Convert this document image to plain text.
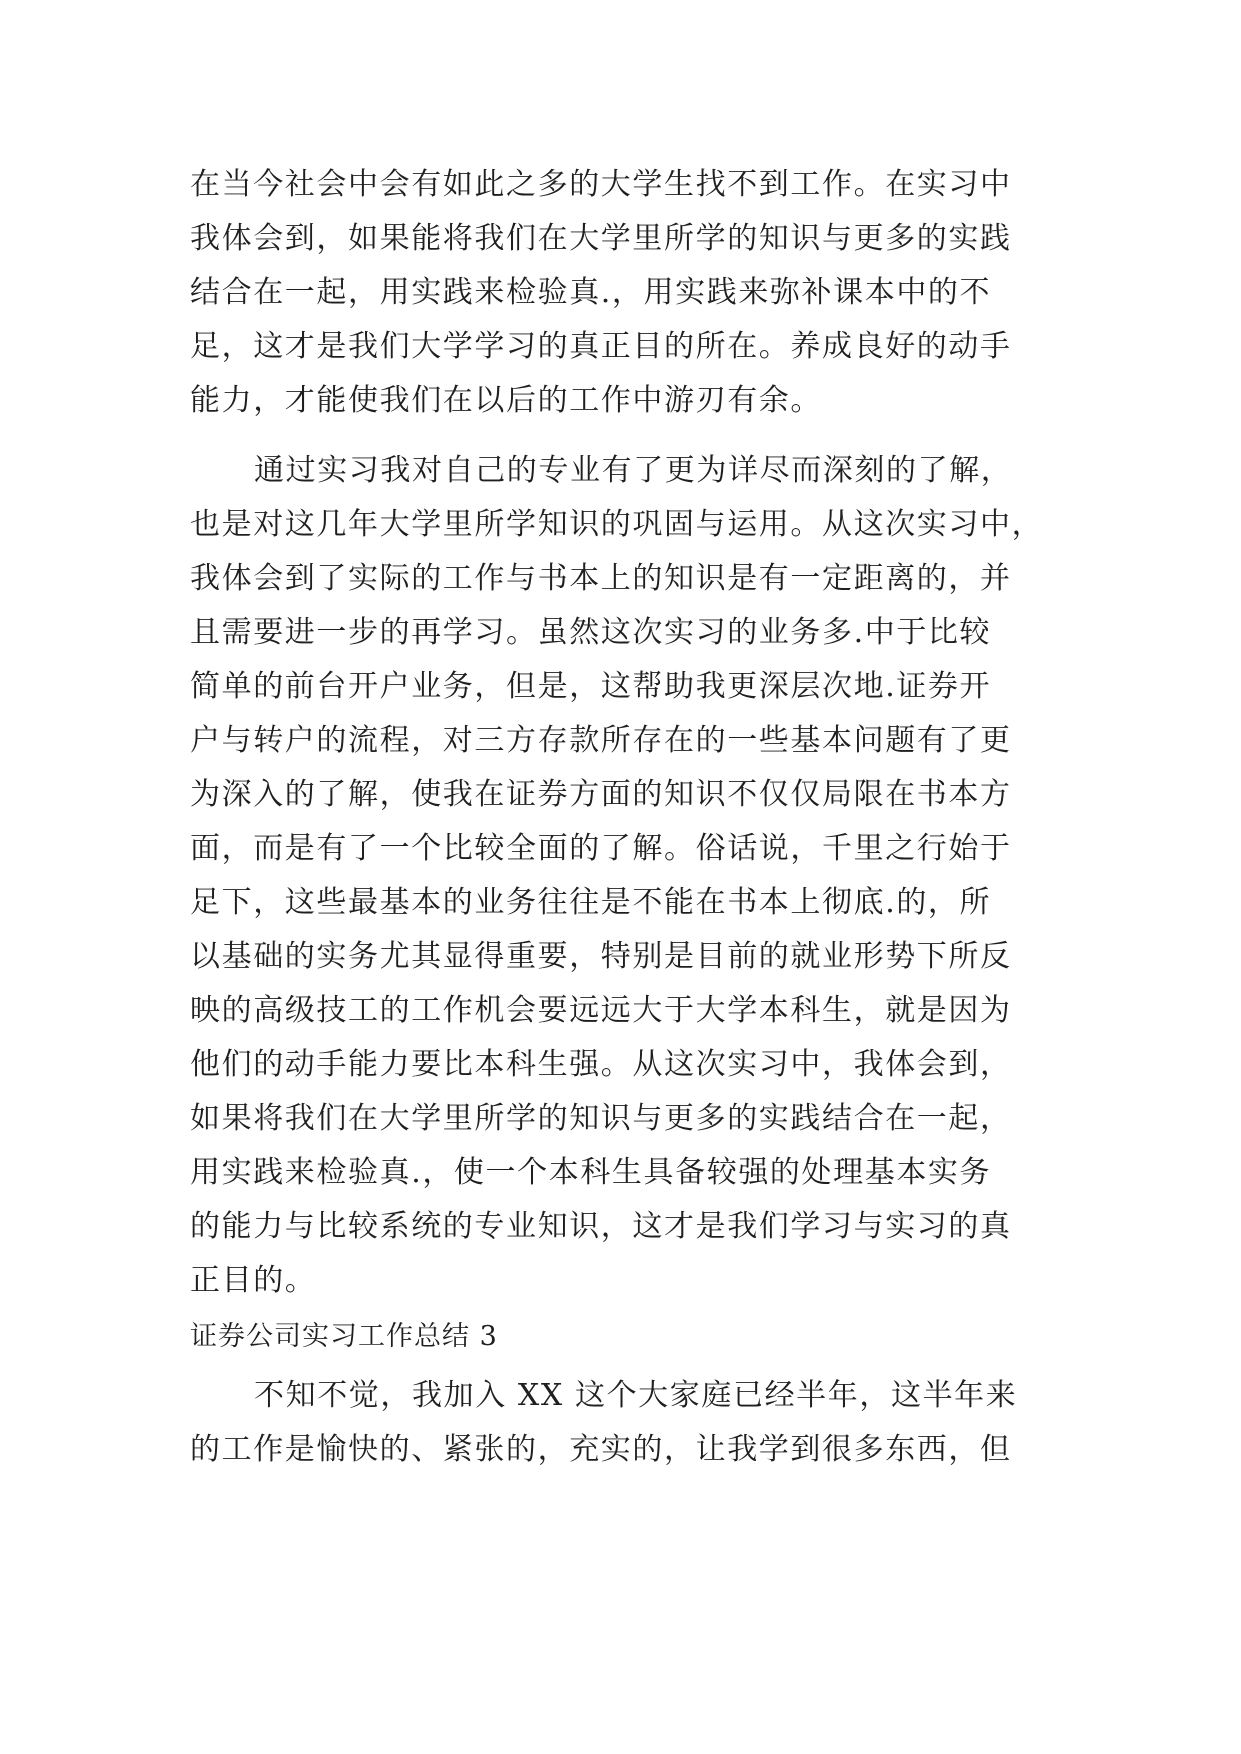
在当今社会中会有如此之多的大学生找不到工作。在实习中
我体会到，如果能将我们在大学里所学的知识与更多的实践
结合在一起，用实践来检验真.，用实践来弥补课本中的不
足，这才是我们大学学习的真正目的所在。养成良好的动手
能力，才能使我们在以后的工作中游刃有余。
通过实习我对自己的专业有了更为详尽而深刻的了解，
也是对这几年大学里所学知识的巩固与运用。从这次实习中，
我体会到了实际的工作与书本上的知识是有一定距离的，并
且需要进一步的再学习。虽然这次实习的业务多.中于比较
简单的前台开户业务，但是，这帮助我更深层次地.证券开
户与转户的流程，对三方存款所存在的一些基本问题有了更
为深入的了解，使我在证券方面的知识不仅仅局限在书本方
面，而是有了一个比较全面的了解。俗话说，千里之行始于
足下，这些最基本的业务往往是不能在书本上彻底.的，所
以基础的实务尤其显得重要，特别是目前的就业形势下所反
映的高级技工的工作机会要远远大于大学本科生，就是因为
他们的动手能力要比本科生强。从这次实习中，我体会到，
如果将我们在大学里所学的知识与更多的实践结合在一起，
用实践来检验真.，使一个本科生具备较强的处理基本实务
的能力与比较系统的专业知识，这才是我们学习与实习的真
正目的。
证券公司实习工作总结 3
不知不觉，我加入 XX 这个大家庭已经半年，这半年来
的工作是愉快的、紧张的，充实的，让我学到很多东西，但
